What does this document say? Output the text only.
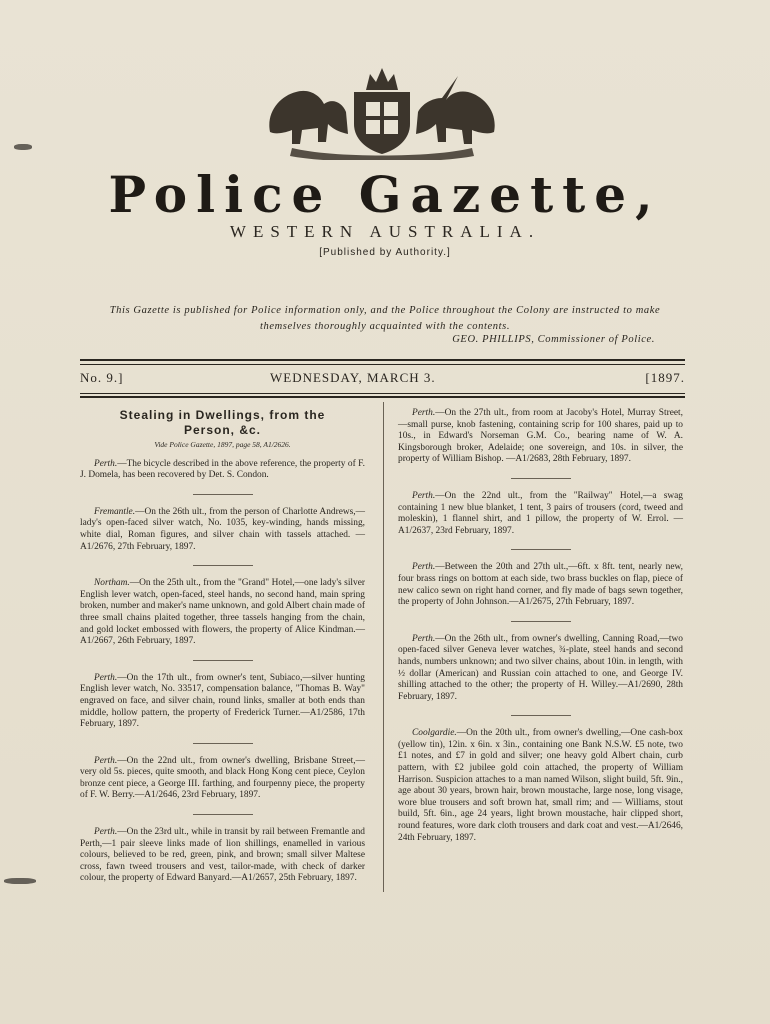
Police Gazette,
WESTERN AUSTRALIA.
[Published by Authority.]
This Gazette is published for Police information only, and the Police throughout the Colony are instructed to make themselves thoroughly acquainted with the contents.
GEO. PHILLIPS, Commissioner of Police.
No. 9.]	WEDNESDAY, MARCH 3.	[1897.

Stealing in Dwellings, from the
Person, &c.

Vide Police Gazette, 1897, page 58, A1/2626.

Perth.—The bicycle described in the above reference, the property of F. J. Domela, has been recovered by Det. S. Condon.

Fremantle.—On the 26th ult., from the person of Charlotte Andrews,—lady's open-faced silver watch, No. 1035, key-winding, hands missing, white dial, Roman figures, and silver chain with tassels attached. —A1/2676, 27th February, 1897.

Northam.—On the 25th ult., from the "Grand" Hotel,—one lady's silver English lever watch, open-faced, steel hands, no second hand, main spring broken, number and maker's name unknown, and gold Albert chain made of three small chains plaited together, three tassels hanging from the chain, and gold locket embossed with flowers, the property of Alice Kindman.—A1/2667, 26th February, 1897.

Perth.—On the 17th ult., from owner's tent, Subiaco,—silver hunting English lever watch, No. 33517, compensation balance, "Thomas B. Way" engraved on face, and silver chain, round links, smaller at both ends than middle, hollow pattern, the property of Frederick Turner.—A1/2586, 17th February, 1897.

Perth.—On the 22nd ult., from owner's dwelling, Brisbane Street,—very old 5s. pieces, quite smooth, and black Hong Kong cent piece, Ceylon bronze cent piece, a George III. farthing, and fourpenny piece, the property of F. W. Berry.—A1/2646, 23rd February, 1897.

Perth.—On the 23rd ult., while in transit by rail between Fremantle and Perth,—1 pair sleeve links made of lion shillings, enamelled in various colours, believed to be red, green, pink, and brown; small silver Maltese cross, fawn tweed trousers and vest, tailor-made, with check of darker colour, the property of Edward Banyard.—A1/2657, 25th February, 1897.

Perth.—On the 27th ult., from room at Jacoby's Hotel, Murray Street,—small purse, knob fastening, containing scrip for 100 shares, paid up to 10s., in Edward's Norseman G.M. Co., bearing name of W. A. Kingsborough broker, Adelaide; one sovereign, and 10s. in silver, the property of William Bishop. —A1/2683, 28th February, 1897.

Perth.—On the 22nd ult., from the "Railway" Hotel,—a swag containing 1 new blue blanket, 1 tent, 3 pairs of trousers (cord, tweed and moleskin), 1 flannel shirt, and 1 pillow, the property of W. Errol. —A1/2637, 23rd February, 1897.

Perth.—Between the 20th and 27th ult.,—6ft. x 8ft. tent, nearly new, four brass rings on bottom at each side, two brass buckles on flap, piece of new calico sewn on right hand corner, and fly made of bags sewn together, the property of John Johnson.—A1/2675, 27th February, 1897.

Perth.—On the 26th ult., from owner's dwelling, Canning Road,—two open-faced silver Geneva lever watches, ¾-plate, steel hands and second hands, numbers unknown; and two silver chains, about 10in. in length, with ½ dollar (American) and Russian coin attached to one, and George IV. shilling attached to the other; the property of H. Willey.—A1/2690, 28th February, 1897.

Coolgardie.—On the 20th ult., from owner's dwelling,—One cash-box (yellow tin), 12in. x 6in. x 3in., containing one Bank N.S.W. £5 note, two £1 notes, and £7 in gold and silver; one heavy gold Albert chain, curb pattern, with £2 jubilee gold coin attached, the property of William Harrison. Suspicion attaches to a man named Wilson, slight build, 5ft. 9in., age about 30 years, brown hair, brown moustache, large nose, long visage, wore blue trousers and soft brown hat, small rim; and — Williams, stout build, 5ft. 6in., age 24 years, light brown moustache, hair clipped short, round features, wore dark cloth trousers and dark coat and vest.—A1/2646, 24th February, 1897.
